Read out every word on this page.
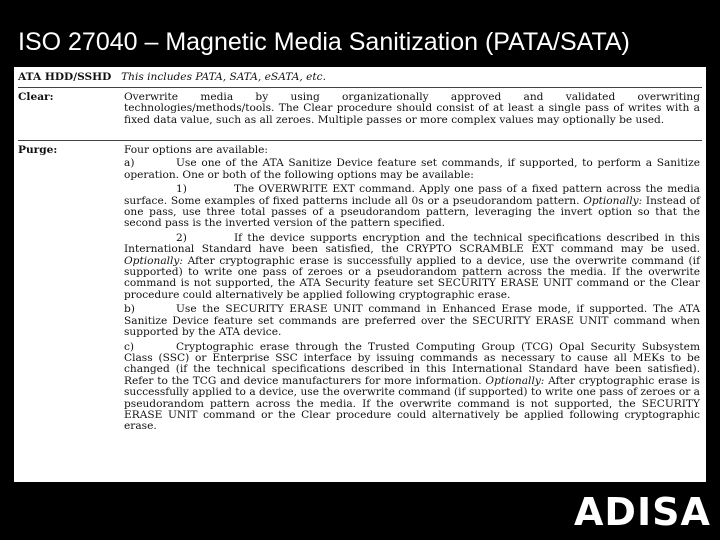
ISO 27040 – Magnetic Media Sanitization (PATA/SATA)
ATA HDD/SSHD This includes PATA, SATA, eSATA, etc.
Clear:	Overwrite media by using organizationally approved and validated overwriting technologies/methods/tools. The Clear procedure should consist of at least a single pass of writes with a fixed data value, such as all zeroes. Multiple passes or more complex values may optionally be used.
Purge:	Four options are available:

a)	Use one of the ATA Sanitize Device feature set commands, if supported, to perform a Sanitize operation. One or both of the following options may be available:

1)	The OVERWRITE EXT command. Apply one pass of a fixed pattern across the media surface. Some examples of fixed patterns include all 0s or a pseudorandom pattern. Optionally: Instead of one pass, use three total passes of a pseudorandom pattern, leveraging the invert option so that the second pass is the inverted version of the pattern specified.

2)	If the device supports encryption and the technical specifications described in this International Standard have been satisfied, the CRYPTO SCRAMBLE EXT command may be used. Optionally: After cryptographic erase is successfully applied to a device, use the overwrite command (if supported) to write one pass of zeroes or a pseudorandom pattern across the media. If the overwrite command is not supported, the ATA Security feature set SECURITY ERASE UNIT command or the Clear procedure could alternatively be applied following cryptographic erase.

b)	Use the SECURITY ERASE UNIT command in Enhanced Erase mode, if supported. The ATA Sanitize Device feature set commands are preferred over the SECURITY ERASE UNIT command when supported by the ATA device.

c)	Cryptographic erase through the Trusted Computing Group (TCG) Opal Security Subsystem Class (SSC) or Enterprise SSC interface by issuing commands as necessary to cause all MEKs to be changed (if the technical specifications described in this International Standard have been satisfied). Refer to the TCG and device manufacturers for more information. Optionally: After cryptographic erase is successfully applied to a device, use the overwrite command (if supported) to write one pass of zeroes or a pseudorandom pattern across the media. If the overwrite command is not supported, the SECURITY ERASE UNIT command or the Clear procedure could alternatively be applied following cryptographic erase.

ADISA
